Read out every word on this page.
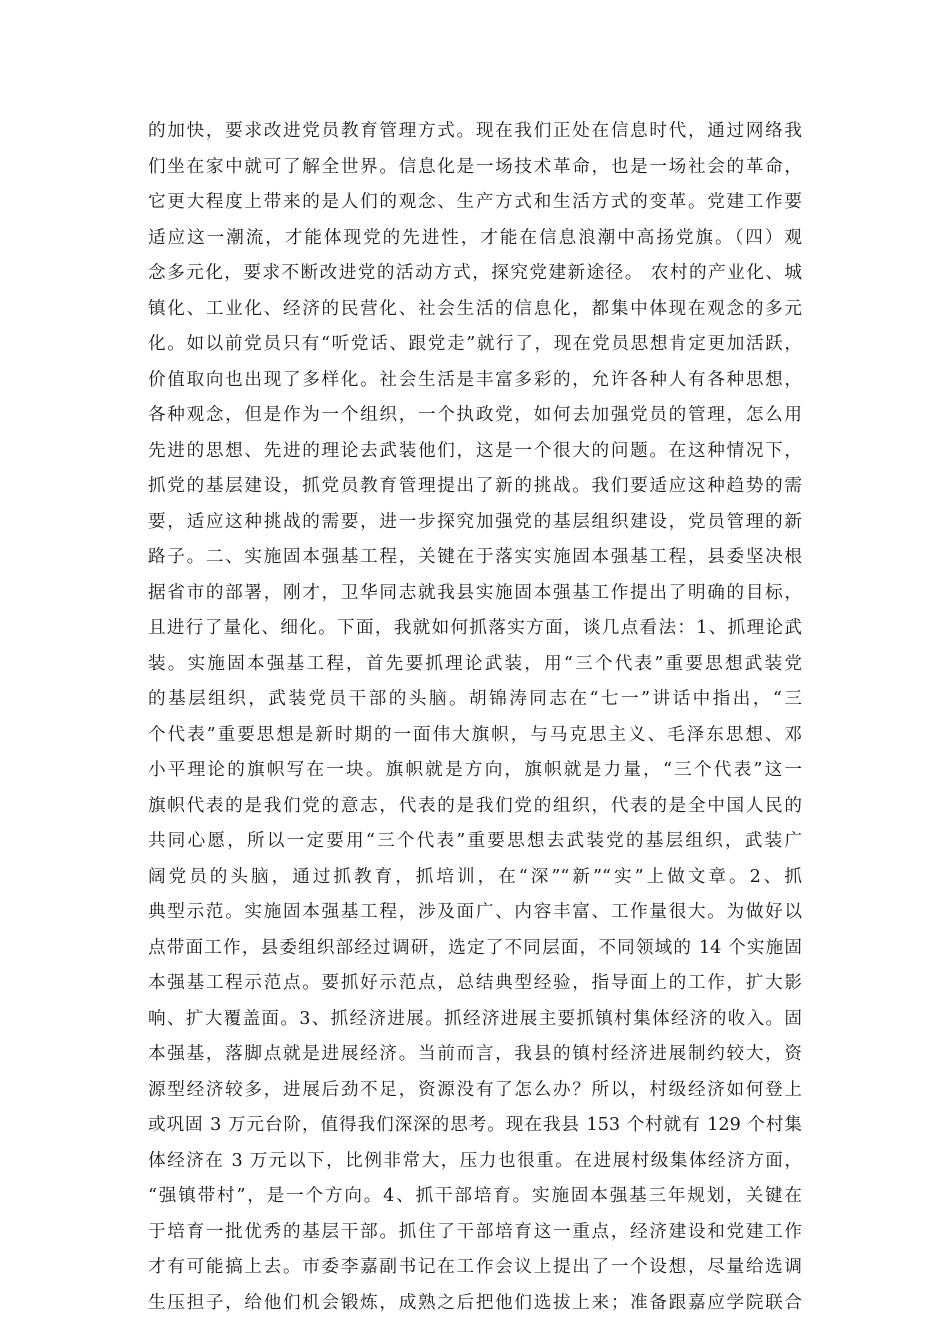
的加快，要求改进党员教育管理方式。现在我们正处在信息时代，通过网络我
们坐在家中就可了解全世界。信息化是一场技术革命，也是一场社会的革命，
它更大程度上带来的是人们的观念、生产方式和生活方式的变革。党建工作要
适应这一潮流，才能体现党的先进性，才能在信息浪潮中高扬党旗。（四）观
念多元化，要求不断改进党的活动方式，探究党建新途径。 农村的产业化、城
镇化、工业化、经济的民营化、社会生活的信息化，都集中体现在观念的多元
化。如以前党员只有“听党话、跟党走”就行了，现在党员思想肯定更加活跃，
价值取向也出现了多样化。社会生活是丰富多彩的，允许各种人有各种思想，
各种观念，但是作为一个组织，一个执政党，如何去加强党员的管理，怎么用
先进的思想、先进的理论去武装他们，这是一个很大的问题。在这种情况下，
抓党的基层建设，抓党员教育管理提出了新的挑战。我们要适应这种趋势的需
要，适应这种挑战的需要，进一步探究加强党的基层组织建设，党员管理的新
路子。二、实施固本强基工程，关键在于落实实施固本强基工程，县委坚决根
据省市的部署，刚才，卫华同志就我县实施固本强基工作提出了明确的目标，
且进行了量化、细化。下面，我就如何抓落实方面，谈几点看法：1、抓理论武
装。实施固本强基工程，首先要抓理论武装，用“三个代表”重要思想武装党
的基层组织，武装党员干部的头脑。胡锦涛同志在“七一”讲话中指出，“三
个代表”重要思想是新时期的一面伟大旗帜，与马克思主义、毛泽东思想、邓
小平理论的旗帜写在一块。旗帜就是方向，旗帜就是力量，“三个代表”这一
旗帜代表的是我们党的意志，代表的是我们党的组织，代表的是全中国人民的
共同心愿，所以一定要用“三个代表”重要思想去武装党的基层组织，武装广
阔党员的头脑，通过抓教育，抓培训，在“深”“新”“实”上做文章。2、抓
典型示范。实施固本强基工程，涉及面广、内容丰富、工作量很大。为做好以
点带面工作，县委组织部经过调研，选定了不同层面，不同领域的 14 个实施固
本强基工程示范点。要抓好示范点，总结典型经验，指导面上的工作，扩大影
响、扩大覆盖面。3、抓经济进展。抓经济进展主要抓镇村集体经济的收入。固
本强基，落脚点就是进展经济。当前而言，我县的镇村经济进展制约较大，资
源型经济较多，进展后劲不足，资源没有了怎么办？所以，村级经济如何登上
或巩固 3 万元台阶，值得我们深深的思考。现在我县 153 个村就有 129 个村集
体经济在 3 万元以下，比例非常大，压力也很重。在进展村级集体经济方面，
“强镇带村”，是一个方向。4、抓干部培育。实施固本强基三年规划，关键在
于培育一批优秀的基层干部。抓住了干部培育这一重点，经济建设和党建工作
才有可能搞上去。市委李嘉副书记在工作会议上提出了一个设想，尽量给选调
生压担子，给他们机会锻炼，成熟之后把他们选拔上来；准备跟嘉应学院联合
